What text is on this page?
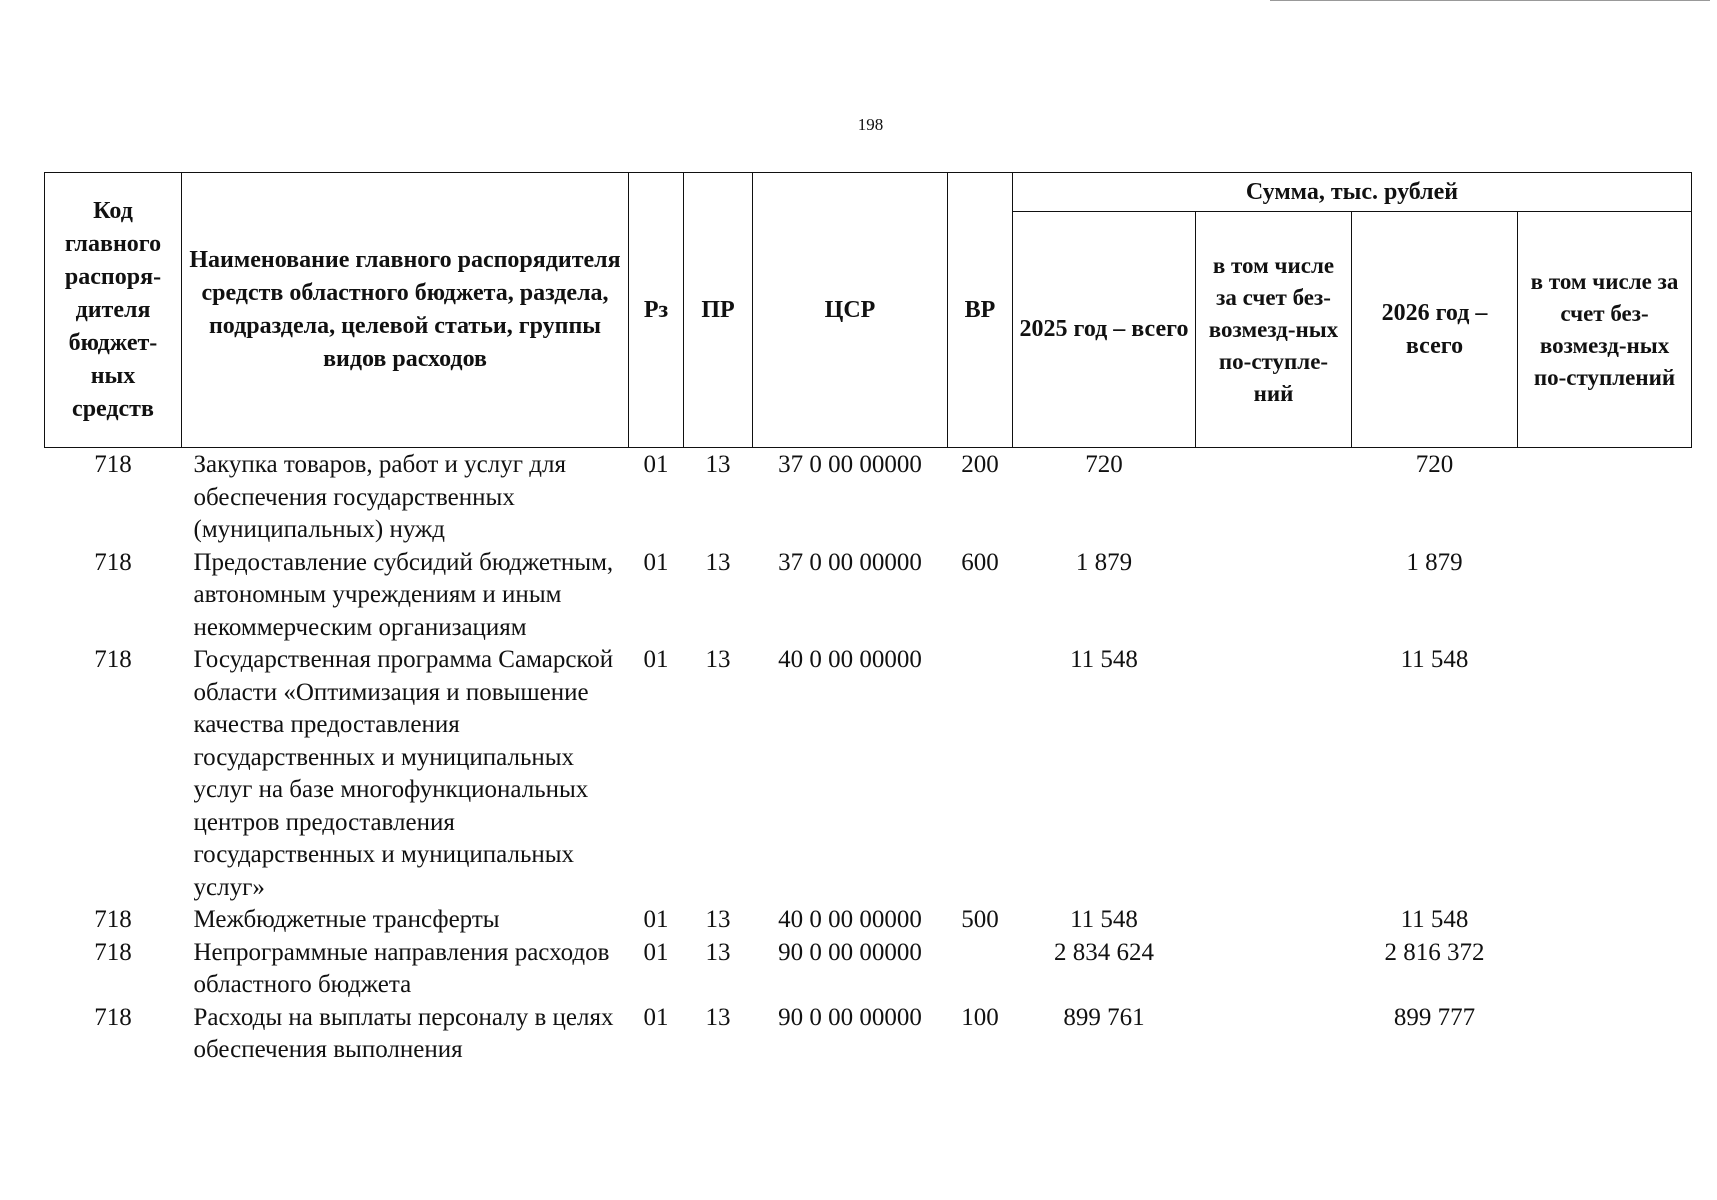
198
Код главного распоря-дителя бюджет-ных средств	Наименование главного распорядителя средств областного бюджета, раздела, подраздела, целевой статьи, группы видов расходов	Рз	ПР	ЦСР	ВР	Сумма, тыс. рублей			
						2025 год – всего	в том числе за счет без-возмезд-ных по-ступле-ний	2026 год – всего	в том числе за счет без-возмезд-ных по-ступлений
718	Закупка товаров, работ и услуг для обеспечения государственных (муниципальных) нужд	01	13	37 0 00 00000	200	720		720	
718	Предоставление субсидий бюджетным, автономным учреждениям и иным некоммерческим организациям	01	13	37 0 00 00000	600	1 879		1 879	
718	Государственная программа Самарской области «Оптимизация и повышение качества предоставления государственных и муниципальных услуг на базе многофункциональных центров предоставления государственных и муниципальных услуг»	01	13	40 0 00 00000		11 548		11 548	
718	Межбюджетные трансферты	01	13	40 0 00 00000	500	11 548		11 548	
718	Непрограммные направления расходов областного бюджета	01	13	90 0 00 00000		2 834 624		2 816 372	
718	Расходы на выплаты персоналу в целях обеспечения выполнения	01	13	90 0 00 00000	100	899 761		899 777	
